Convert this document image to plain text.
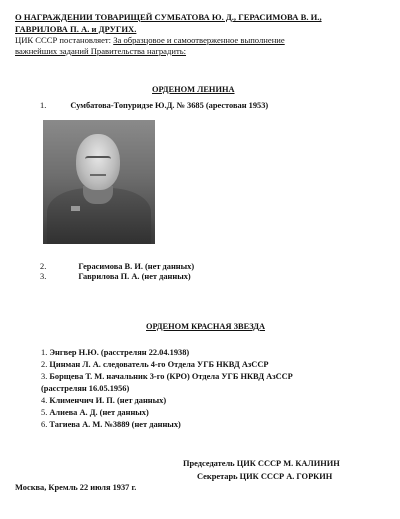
О НАГРАЖДЕНИИ ТОВАРИЩЕЙ СУМБАТОВА Ю. Д., ГЕРАСИМОВА В. И.,
ГАВРИЛОВА П. А. и ДРУГИХ.
ЦИК СССР постановляет: За образцовое и самоотверженное выполнение
важнейших заданий Правительства наградить:
ОРДЕНОМ ЛЕНИНА
1.	Сумбатова-Топуридзе Ю.Д. № 3685 (арестован 1953)
2.	Герасимова В. И. (нет данных)
3.	Гаврилова П. А. (нет данных)
ОРДЕНОМ КРАСНАЯ ЗВЕЗДА
1. Энгвер Н.Ю. (расстрелян 22.04.1938)
2. Цинман Л. А. следователь 4-го Отдела УГБ НКВД АзССР
3. Борщева Т. М. начальник 3-го (КРО) Отдела УГБ НКВД АзССР
(расстрелян 16.05.1956)
4. Клименчич И. П. (нет данных)
5. Алиева А. Д. (нет данных)
6. Тагиева А. М. №3889 (нет данных)
Председатель ЦИК СССР М. КАЛИНИН
Секретарь ЦИК СССР А. ГОРКИН
Москва, Кремль 22 июля 1937 г.
